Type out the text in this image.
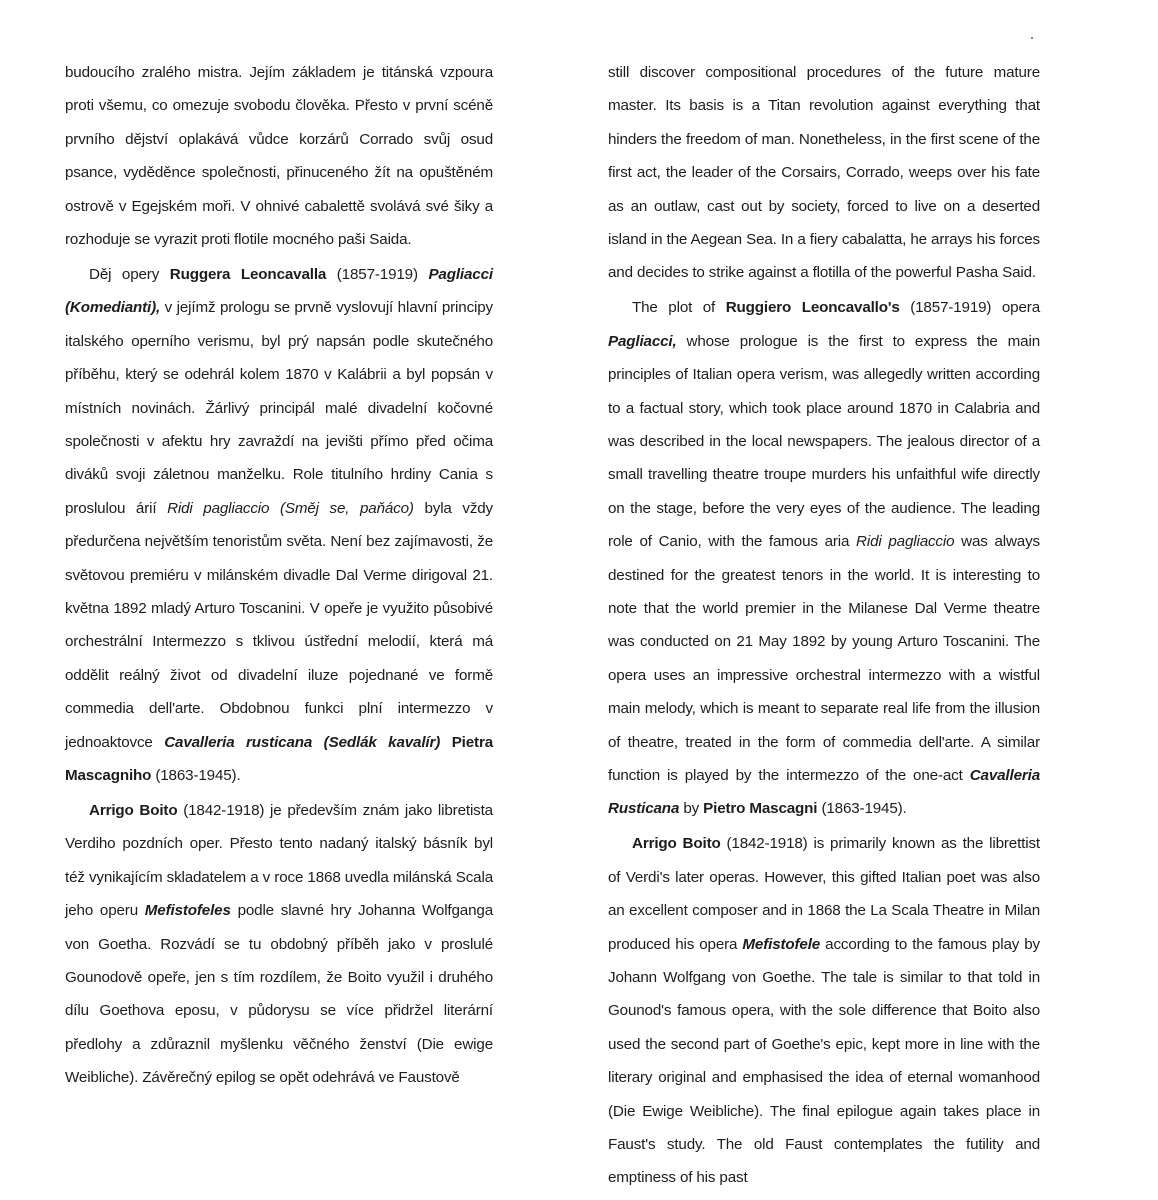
budoucího zralého mistra. Jejím základem je titánská vzpoura proti všemu, co omezuje svobodu člověka. Přesto v první scéně prvního dějství oplakává vůdce korzárů Corrado svůj osud psance, vyděděnce společnosti, přinuceného žít na opuštěném ostrově v Egejském moři. V ohnivé cabalettě svolává své šiky a rozhoduje se vyrazit proti flotile mocného paši Saida.

Děj opery Ruggera Leoncavalla (1857-1919) Pagliacci (Komedianti), v jejímž prologu se prvně vyslovují hlavní principy italského operního verismu, byl prý napsán podle skutečného příběhu, který se odehrál kolem 1870 v Kalábrii a byl popsán v místních novinách. Žárlivý principál malé divadelní kočovné společnosti v afektu hry zavraždí na jevišti přímo před očima diváků svoji záletnou manželku. Role titulního hrdiny Cania s proslulou árií Ridi pagliaccio (Směj se, paňáco) byla vždy předurčena největším tenoristům světa. Není bez zajímavosti, že světovou premiéru v milánském divadle Dal Verme dirigoval 21. května 1892 mladý Arturo Toscanini. V opeře je využito působivé orchestrální Intermezzo s tklivou ústřední melodií, která má oddělit reálný život od divadelní iluze pojednané ve formě commedia dell'arte. Obdobnou funkci plní intermezzo v jednoaktovce Cavalleria rusticana (Sedlák kavalír) Pietra Mascagniho (1863-1945).

Arrigo Boito (1842-1918) je především znám jako libretista Verdiho pozdních oper. Přesto tento nadaný italský básník byl též vynikajícím skladatelem a v roce 1868 uvedla milánská Scala jeho operu Mefistofeles podle slavné hry Johanna Wolfganga von Goetha. Rozvádí se tu obdobný příběh jako v proslulé Gounodově opeře, jen s tím rozdílem, že Boito využil i druhého dílu Goethova eposu, v půdorysu se více přidržel literární předlohy a zdůraznil myšlenku věčného ženství (Die ewige Weibliche). Závěrečný epilog se opět odehrává ve Faustově

still discover compositional procedures of the future mature master. Its basis is a Titan revolution against everything that hinders the freedom of man. Nonetheless, in the first scene of the first act, the leader of the Corsairs, Corrado, weeps over his fate as an outlaw, cast out by society, forced to live on a deserted island in the Aegean Sea. In a fiery cabalatta, he arrays his forces and decides to strike against a flotilla of the powerful Pasha Said.

The plot of Ruggiero Leoncavallo's (1857-1919) opera Pagliacci, whose prologue is the first to express the main principles of Italian opera verism, was allegedly written according to a factual story, which took place around 1870 in Calabria and was described in the local newspapers. The jealous director of a small travelling theatre troupe murders his unfaithful wife directly on the stage, before the very eyes of the audience. The leading role of Canio, with the famous aria Ridi pagliaccio was always destined for the greatest tenors in the world. It is interesting to note that the world premier in the Milanese Dal Verme theatre was conducted on 21 May 1892 by young Arturo Toscanini. The opera uses an impressive orchestral intermezzo with a wistful main melody, which is meant to separate real life from the illusion of theatre, treated in the form of commedia dell'arte. A similar function is played by the intermezzo of the one-act Cavalleria Rusticana by Pietro Mascagni (1863-1945).

Arrigo Boito (1842-1918) is primarily known as the librettist of Verdi's later operas. However, this gifted Italian poet was also an excellent composer and in 1868 the La Scala Theatre in Milan produced his opera Mefistofele according to the famous play by Johann Wolfgang von Goethe. The tale is similar to that told in Gounod's famous opera, with the sole difference that Boito also used the second part of Goethe's epic, kept more in line with the literary original and emphasised the idea of eternal womanhood (Die Ewige Weibliche). The final epilogue again takes place in Faust's study. The old Faust contemplates the futility and emptiness of his past
